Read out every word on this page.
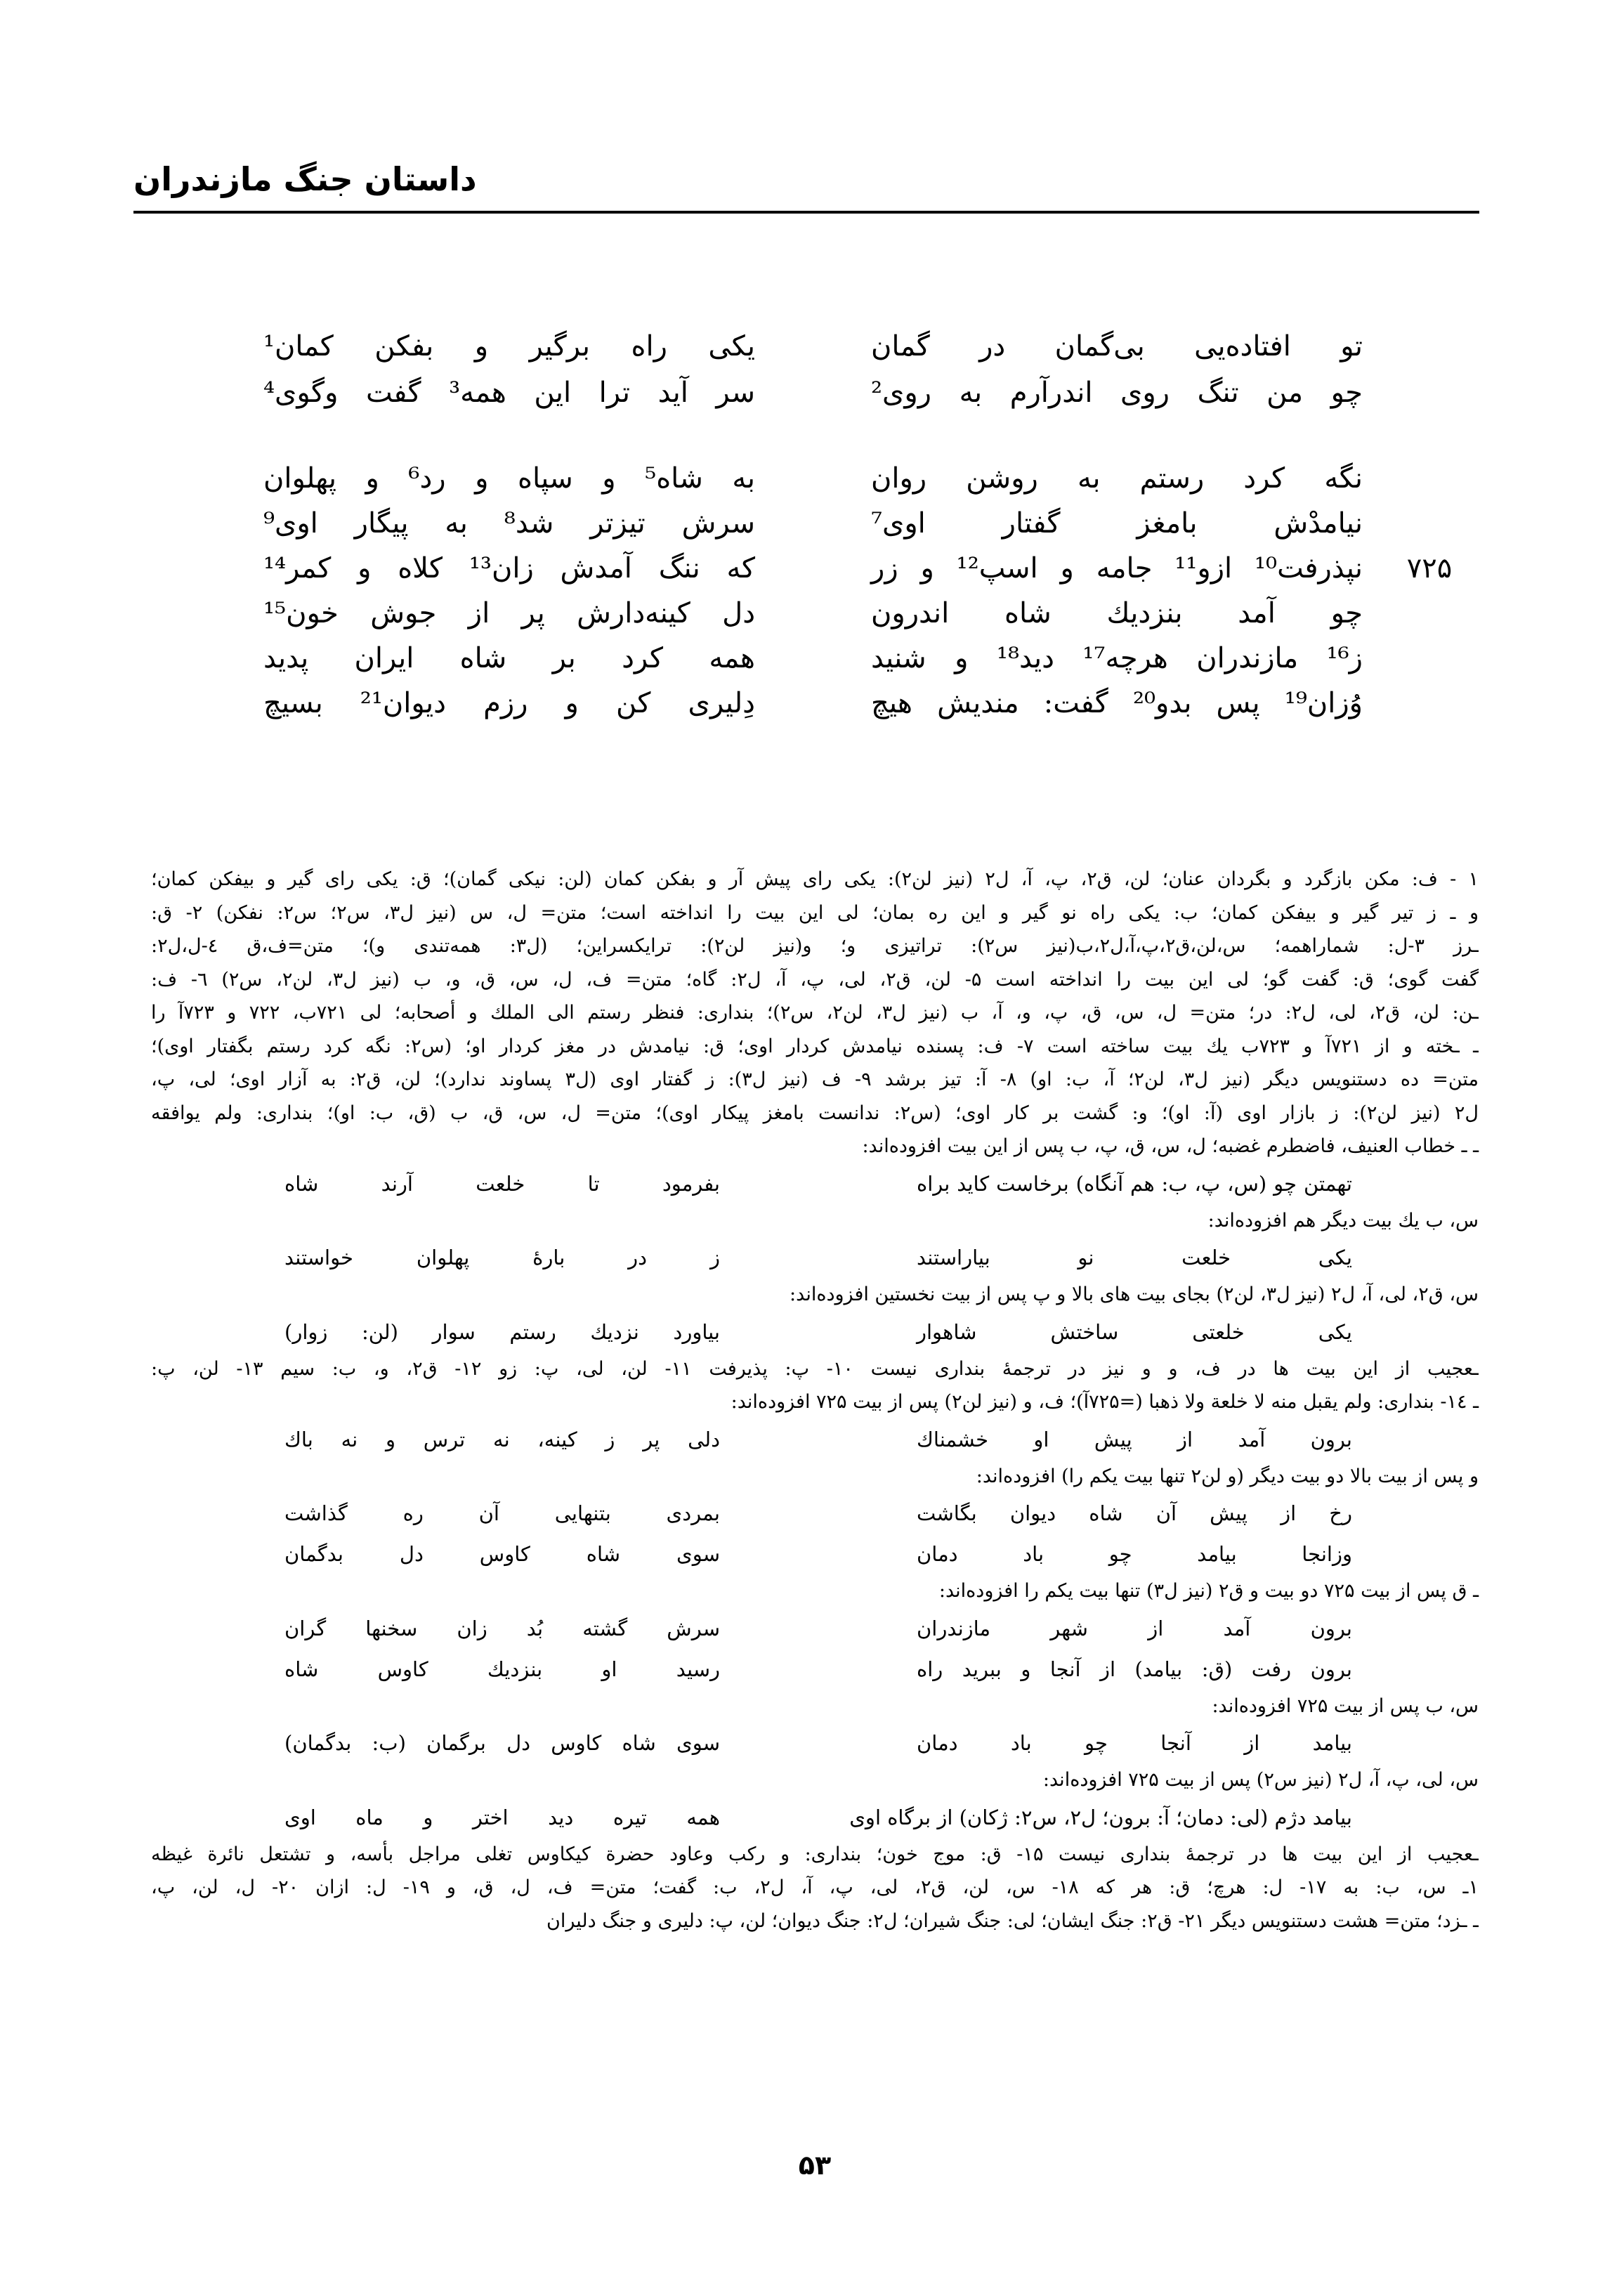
داستان جنگ مازندران
تو افتاده‌یی بی‌گمان در گمان
یکی راه برگیر و بفکن کمان¹
چو من تنگ روی اندرآرم به روی²
سر آید ترا این همه³ گفت وگوی⁴
نگه کرد رستم به روشن روان
به شاه⁵ و سپاه و رد⁶ و پهلوان
نیامدْش بامغز گفتار اوی⁷
سرش تیزتر شد⁸ به پیگار اوی⁹
۷۲۵
نپذرفت¹⁰ ازو¹¹ جامه و اسپ¹² و زر
که ننگ آمدش زان¹³ کلاه و کمر¹⁴
چو آمد بنزدیك شاه اندرون
دل کینه‌دارش پر از جوش خون¹⁵
ز¹⁶ مازندران هرچه¹⁷ دید¹⁸ و شنید
همه کرد بر شاه ایران پدید
وُزان¹⁹ پس بدو²⁰ گفت: مندیش هیچ
دِلیری کن و رزم دیوان²¹ بسیچ
۱ - ف: مکن بازگرد و بگردان عنان؛ لن، ق۲، پ، آ، ل۲ (نیز لن۲): یکی رای پیش آر و بفکن کمان (لن: نیکی گمان)؛ ق: یکی رای گیر و بیفکن کمان؛
و ـ ز تیر گیر و بیفکن کمان؛ ب: یکی راه نو گیر و این ره بمان؛ لی این بیت را انداخته است؛ متن= ل، س (نیز ل۳، س۲؛ س۲: نفکن) ۲- ق:
ـرز ۳-ل: شماراهمه؛ س،لن،ق۲،پ،آ،ل۲،ب(نیز س۲): تراتیزی و؛ و(نیز لن۲): ترایکسراین؛ (ل۳: همه‌تندی و)؛ متن=ف،ق ٤-ل،ل۲:
گفت گوی؛ ق: گفت گو؛ لی این بیت را انداخته است ۵- لن، ق۲، لی، پ، آ، ل۲: گاه؛ متن= ف، ل، س، ق، و، ب (نیز ل۳، لن۲، س۲) ٦- ف:
ـن: لن، ق۲، لی، ل۲: در؛ متن= ل، س، ق، پ، و، آ، ب (نیز ل۳، لن۲، س۲)؛ بنداری: فنظر رستم الی الملك و أصحابه؛ لی ۷۲۱ب، ۷۲۲ و ۷۲۳آ را
ـ ـخته و از ۷۲۱آ و ۷۲۳ب یك بیت ساخته است ۷- ف: پسنده نیامدش کردار اوی؛ ق: نیامدش در مغز کردار او؛ (س۲: نگه کرد رستم بگفتار اوی)؛
متن= ده دستنویس دیگر (نیز ل۳، لن۲؛ آ، ب: او) ۸- آ: تیز برشد ۹- ف (نیز ل۳): ز گفتار اوی (ل۳ پساوند ندارد)؛ لن، ق۲: به آزار اوی؛ لی، پ،
ل۲ (نیز لن۲): ز بازار اوی (آ: او)؛ و: گشت بر کار اوی؛ (س۲: ندانست بامغز پیکار اوی)؛ متن= ل، س، ق، ب (ق، ب: او)؛ بنداری: ولم یوافقه
ـ ـ خطاب العنیف، فاضطرم غضبه؛ ل، س، ق، پ، ب پس از این بیت افزوده‌اند:
تهمتن چو (س، پ، ب: هم آنگاه) برخاست کاید براه
بفرمود تا خلعت آرند شاه
س، ب یك بیت دیگر هم افزوده‌اند:
یکی خلعت نو بیاراستند
ز در بارهٔ پهلوان خواستند
س، ق۲، لی، آ، ل۲ (نیز ل۳، لن۲) بجای بیت های بالا و پ پس از بیت نخستین افزوده‌اند:
یکی خلعتی ساختش شاهوار
بیاورد نزدیك رستم سوار (لن: زوار)
ـعجیب از این بیت ها در ف، و و نیز در ترجمهٔ بنداری نیست ۱۰- پ: پذیرفت ۱۱- لن، لی، پ: زو ۱۲- ق۲، و، ب: سیم ۱۳- لن، پ:
ـ ١٤- بنداری: ولم یقبل منه لا خلعة ولا ذهبا (=۷۲۵آ)؛ ف، و (نیز لن۲) پس از بیت ۷۲۵ افزوده‌اند:
برون آمد از پیش او خشمناك
دلی پر ز کینه، نه ترس و نه باك
و پس از بیت بالا دو بیت دیگر (و لن۲ تنها بیت یکم را) افزوده‌اند:
رخ از پیش آن شاه دیوان بگاشت
بمردی بتنهایی آن ره گذاشت
وزانجا بیامد چو باد دمان
سوی شاه کاوس دل بدگمان
ـ ق پس از بیت ۷۲۵ دو بیت و ق۲ (نیز ل۳) تنها بیت یکم را افزوده‌اند:
برون آمد از شهر مازندران
سرش گشته بُد زان سخنها گران
برون رفت (ق: بیامد) از آنجا و ببرید راه
رسید او بنزدیك کاوس شاه
س، ب پس از بیت ۷۲۵ افزوده‌اند:
بیامد از آنجا چو باد دمان
سوی شاه کاوس دل برگمان (ب: بدگمان)
س، لی، پ، آ، ل۲ (نیز س۲) پس از بیت ۷۲۵ افزوده‌اند:
بیامد دژم (لی: دمان؛ آ: برون؛ ل۲، س۲: ژکان) از برگاه اوی
همه تیره دید اختر و ماه اوی
ـعجیب از این بیت ها در ترجمهٔ بنداری نیست ۱۵- ق: موج خون؛ بنداری: و رکب وعاود حضرة کیکاوس تغلی مراجل بأسه، و تشتعل نائرة غیظه
۱ـ س، ب: به ۱۷- ل: هرچ؛ ق: هر که ۱۸- س، لن، ق۲، لی، پ، آ، ل۲، ب: گفت؛ متن= ف، ل، ق، و ۱۹- ل: ازان ۲۰- ل، لن، پ،
ـ ـزد؛ متن= هشت دستنویس دیگر ۲۱- ق۲: جنگ ایشان؛ لی: جنگ شیران؛ ل۲: جنگ دیوان؛ لن، پ: دلیری و جنگ دلیران
۵۳
